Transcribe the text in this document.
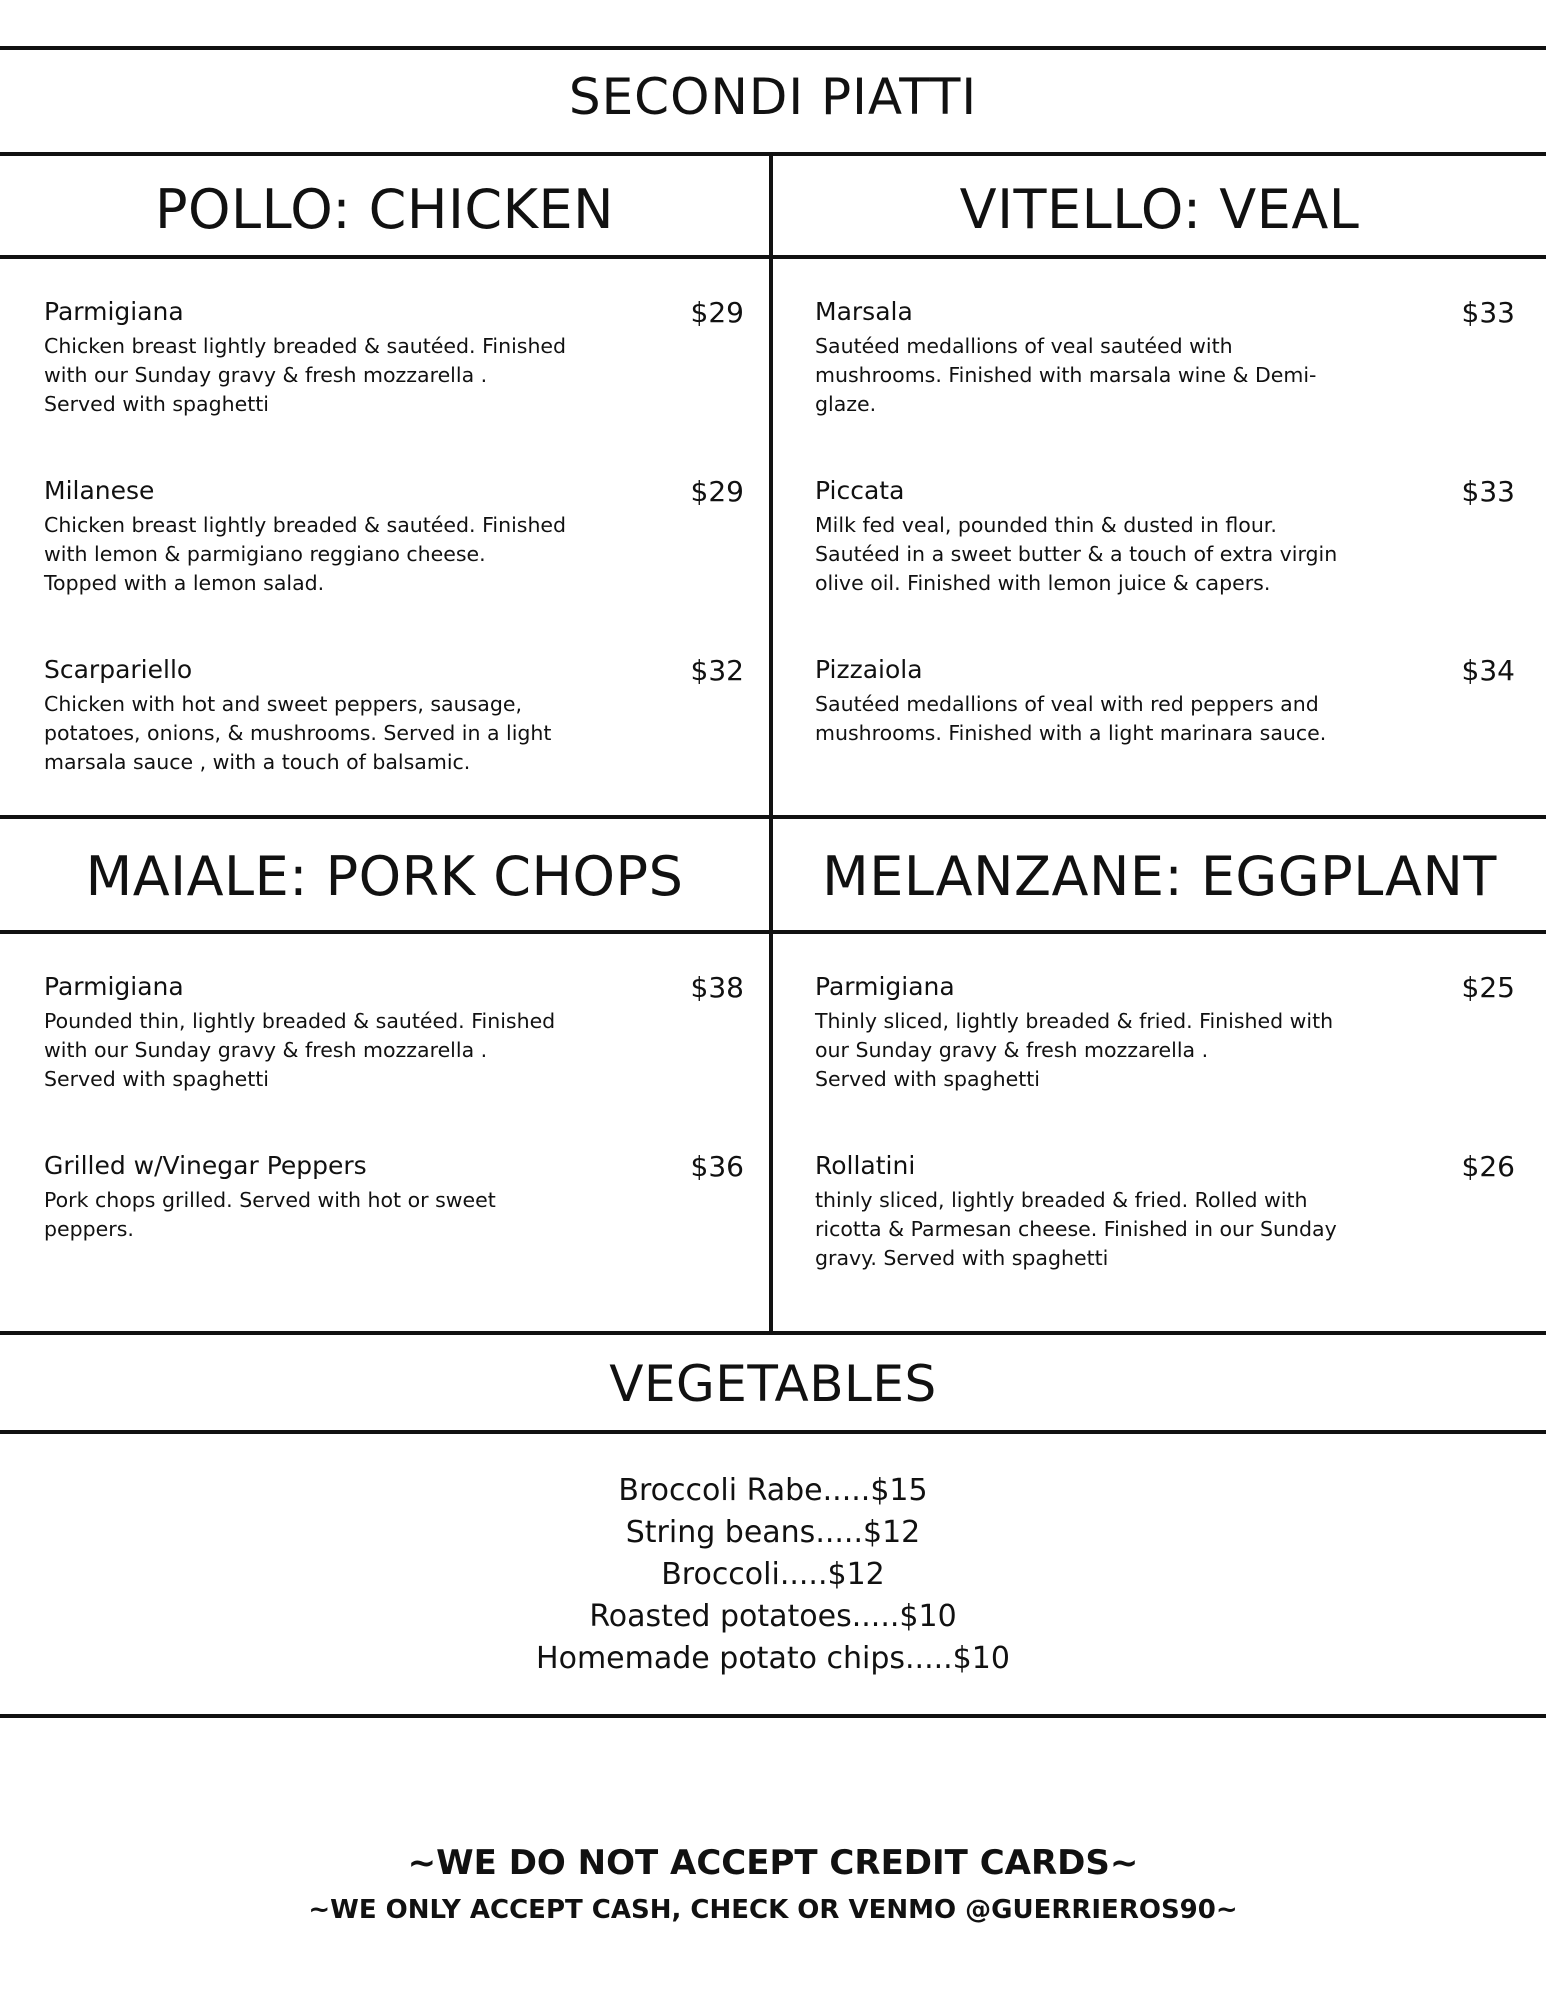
SECONDI PIATTI
POLLO: CHICKEN	VITELLO: VEAL
MAIALE: PORK CHOPS	MELANZANE: EGGPLANT
Parmigiana	$29
Chicken breast lightly breaded & sautéed. Finished
with our Sunday gravy & fresh mozzarella .
Served with spaghetti
Milanese	$29
Chicken breast lightly breaded & sautéed. Finished
with lemon & parmigiano reggiano cheese.
Topped with a lemon salad.
Scarpariello	$32
Chicken with hot and sweet peppers, sausage,
potatoes, onions, & mushrooms. Served in a light
marsala sauce , with a touch of balsamic.
Marsala	$33
Sautéed medallions of veal sautéed with
mushrooms. Finished with marsala wine & Demi-
glaze.
Piccata	$33
Milk fed veal, pounded thin & dusted in flour.
Sautéed in a sweet butter & a touch of extra virgin
olive oil. Finished with lemon juice & capers.
Pizzaiola	$34
Sautéed medallions of veal with red peppers and
mushrooms. Finished with a light marinara sauce.
Parmigiana	$38
Pounded thin, lightly breaded & sautéed. Finished
with our Sunday gravy & fresh mozzarella .
Served with spaghetti
Grilled w/Vinegar Peppers	$36
Pork chops grilled. Served with hot or sweet
peppers.
Parmigiana	$25
Thinly sliced, lightly breaded & fried. Finished with
our Sunday gravy & fresh mozzarella .
Served with spaghetti
Rollatini	$26
thinly sliced, lightly breaded & fried. Rolled with
ricotta & Parmesan cheese. Finished in our Sunday
gravy. Served with spaghetti
VEGETABLES
Broccoli Rabe.....$15
String beans.....$12
Broccoli.....$12
Roasted potatoes.....$10
Homemade potato chips.....$10
~WE DO NOT ACCEPT CREDIT CARDS~
~WE ONLY ACCEPT CASH, CHECK OR VENMO @GUERRIEROS90~
